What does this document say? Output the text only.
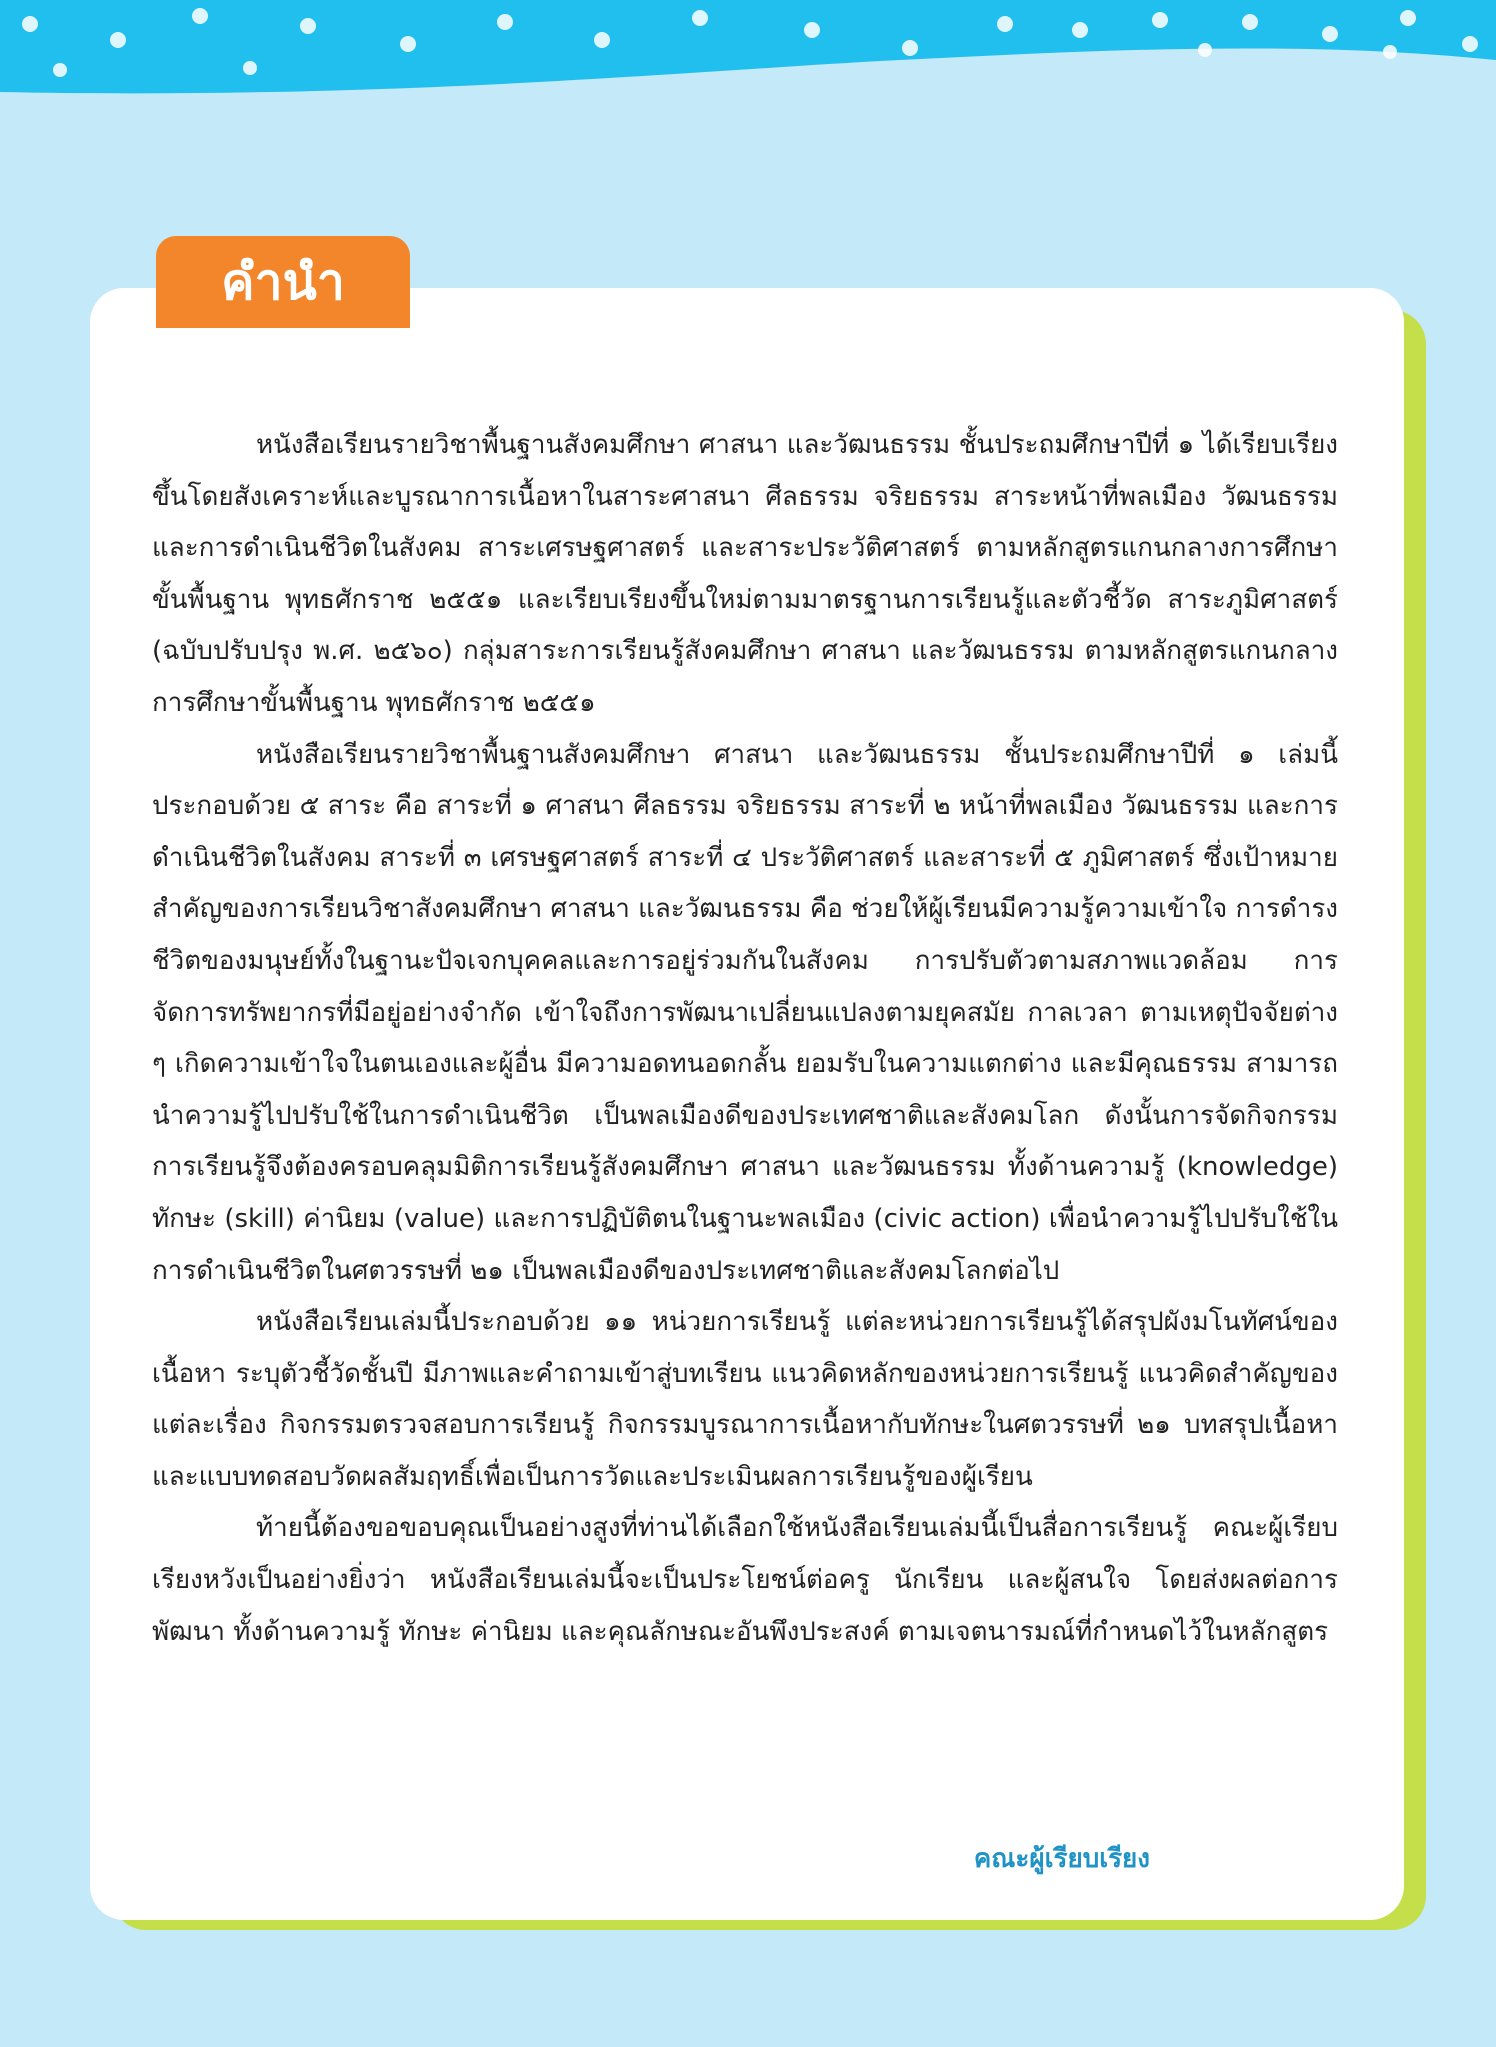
คำนำ

หนังสือเรียนรายวิชาพื้นฐานสังคมศึกษา ศาสนา และวัฒนธรรม ชั้นประถมศึกษาปีที่ ๑ ได้เรียบเรียงขึ้นโดยสังเคราะห์และบูรณาการเนื้อหาในสาระศาสนา ศีลธรรม จริยธรรม สาระหน้าที่พลเมือง วัฒนธรรม และการดำเนินชีวิตในสังคม สาระเศรษฐศาสตร์ และสาระประวัติศาสตร์ ตามหลักสูตรแกนกลางการศึกษาขั้นพื้นฐาน พุทธศักราช ๒๕๕๑ และเรียบเรียงขึ้นใหม่ตามมาตรฐานการเรียนรู้และตัวชี้วัด สาระภูมิศาสตร์ (ฉบับปรับปรุง พ.ศ. ๒๕๖๐) กลุ่มสาระการเรียนรู้สังคมศึกษา ศาสนา และวัฒนธรรม ตามหลักสูตรแกนกลางการศึกษาขั้นพื้นฐาน พุทธศักราช ๒๕๕๑

หนังสือเรียนรายวิชาพื้นฐานสังคมศึกษา ศาสนา และวัฒนธรรม ชั้นประถมศึกษาปีที่ ๑ เล่มนี้ ประกอบด้วย ๕ สาระ คือ สาระที่ ๑ ศาสนา ศีลธรรม จริยธรรม สาระที่ ๒ หน้าที่พลเมือง วัฒนธรรม และการดำเนินชีวิตในสังคม สาระที่ ๓ เศรษฐศาสตร์ สาระที่ ๔ ประวัติศาสตร์ และสาระที่ ๕ ภูมิศาสตร์ ซึ่งเป้าหมายสำคัญของการเรียนวิชาสังคมศึกษา ศาสนา และวัฒนธรรม คือ ช่วยให้ผู้เรียนมีความรู้ความเข้าใจ การดำรงชีวิตของมนุษย์ทั้งในฐานะปัจเจกบุคคลและการอยู่ร่วมกันในสังคม การปรับตัวตามสภาพแวดล้อม การจัดการทรัพยากรที่มีอยู่อย่างจำกัด เข้าใจถึงการพัฒนาเปลี่ยนแปลงตามยุคสมัย กาลเวลา ตามเหตุปัจจัยต่าง ๆ เกิดความเข้าใจในตนเองและผู้อื่น มีความอดทนอดกลั้น ยอมรับในความแตกต่าง และมีคุณธรรม สามารถนำความรู้ไปปรับใช้ในการดำเนินชีวิต เป็นพลเมืองดีของประเทศชาติและสังคมโลก ดังนั้นการจัดกิจกรรมการเรียนรู้จึงต้องครอบคลุมมิติการเรียนรู้สังคมศึกษา ศาสนา และวัฒนธรรม ทั้งด้านความรู้ (knowledge) ทักษะ (skill) ค่านิยม (value) และการปฏิบัติตนในฐานะพลเมือง (civic action) เพื่อนำความรู้ไปปรับใช้ในการดำเนินชีวิตในศตวรรษที่ ๒๑ เป็นพลเมืองดีของประเทศชาติและสังคมโลกต่อไป

หนังสือเรียนเล่มนี้ประกอบด้วย ๑๑ หน่วยการเรียนรู้ แต่ละหน่วยการเรียนรู้ได้สรุปผังมโนทัศน์ของเนื้อหา ระบุตัวชี้วัดชั้นปี มีภาพและคำถามเข้าสู่บทเรียน แนวคิดหลักของหน่วยการเรียนรู้ แนวคิดสำคัญของแต่ละเรื่อง กิจกรรมตรวจสอบการเรียนรู้ กิจกรรมบูรณาการเนื้อหากับทักษะในศตวรรษที่ ๒๑ บทสรุปเนื้อหา และแบบทดสอบวัดผลสัมฤทธิ์เพื่อเป็นการวัดและประเมินผลการเรียนรู้ของผู้เรียน

ท้ายนี้ต้องขอขอบคุณเป็นอย่างสูงที่ท่านได้เลือกใช้หนังสือเรียนเล่มนี้เป็นสื่อการเรียนรู้ คณะผู้เรียบเรียงหวังเป็นอย่างยิ่งว่า หนังสือเรียนเล่มนี้จะเป็นประโยชน์ต่อครู นักเรียน และผู้สนใจ โดยส่งผลต่อการพัฒนา ทั้งด้านความรู้ ทักษะ ค่านิยม และคุณลักษณะอันพึงประสงค์ ตามเจตนารมณ์ที่กำหนดไว้ในหลักสูตร

คณะผู้เรียบเรียง
